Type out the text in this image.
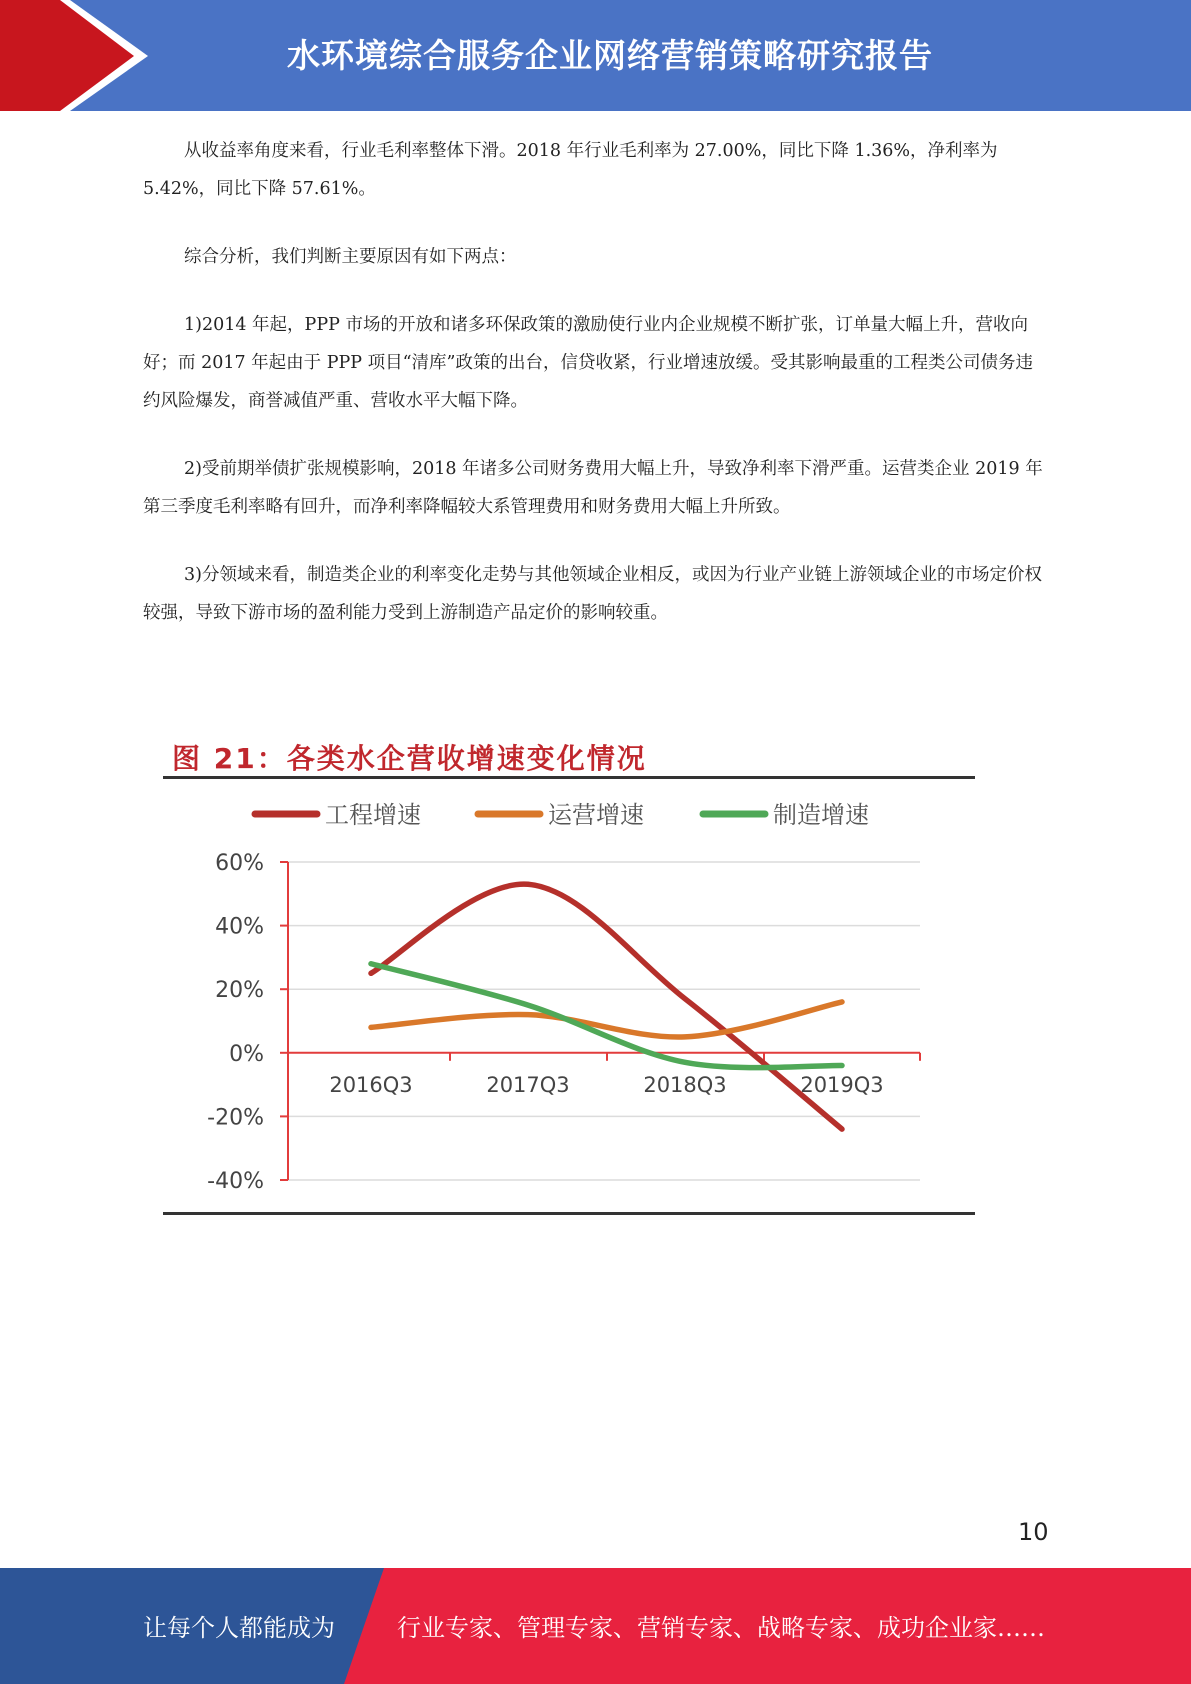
水环境综合服务企业网络营销策略研究报告

从收益率角度来看，行业毛利率整体下滑。2018 年行业毛利率为 27.00%，同比下降 1.36%，净利率为 5.42%，同比下降 57.61%。

综合分析，我们判断主要原因有如下两点：

1)2014 年起，PPP 市场的开放和诸多环保政策的激励使行业内企业规模不断扩张，订单量大幅上升，营收向好；而 2017 年起由于 PPP 项目“清库”政策的出台，信贷收紧，行业增速放缓。受其影响最重的工程类公司债务违约风险爆发，商誉减值严重、营收水平大幅下降。

2)受前期举债扩张规模影响，2018 年诸多公司财务费用大幅上升，导致净利率下滑严重。运营类企业 2019 年第三季度毛利率略有回升，而净利率降幅较大系管理费用和财务费用大幅上升所致。

3)分领域来看，制造类企业的利率变化走势与其他领域企业相反，或因为行业产业链上游领域企业的市场定价权较强，导致下游市场的盈利能力受到上游制造产品定价的影响较重。

图 21：各类水企营收增速变化情况
60%
40%
20%
0%
-20%
-40%
2016Q3	2017Q3	2018Q3	2019Q3
工程增速	运营增速	制造增速
10
让每个人都能成为	行业专家、管理专家、营销专家、战略专家、成功企业家……
